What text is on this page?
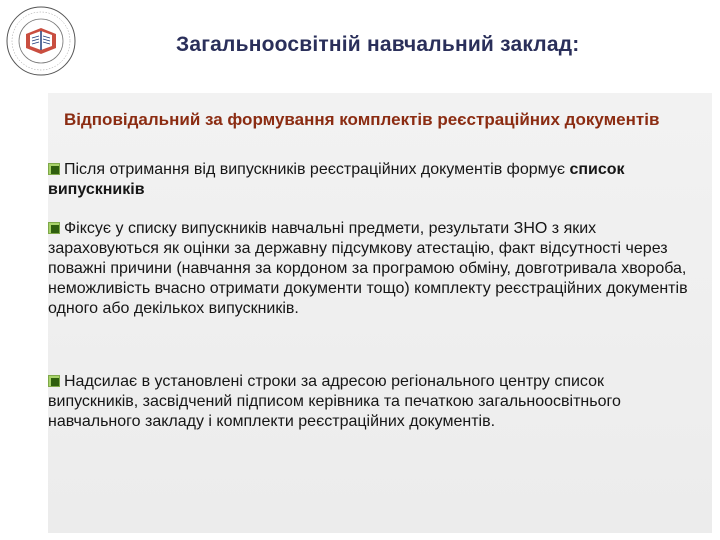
Загальноосвітній навчальний заклад:
Відповідальний за формування комплектів реєстраційних документів
Після отримання від випускників реєстраційних документів формує список випускників
Фіксує у списку випускників навчальні предмети, результати ЗНО з яких зараховуються як оцінки за державну підсумкову атестацію, факт відсутності через поважні причини (навчання за кордоном за програмою обміну, довготривала хвороба, неможливість вчасно отримати документи тощо) комплекту реєстраційних документів одного або декількох випускників.
Надсилає в установлені строки за адресою регіонального центру список випускників, засвідчений підписом керівника та печаткою загальноосвітнього навчального закладу і комплекти реєстраційних документів.
